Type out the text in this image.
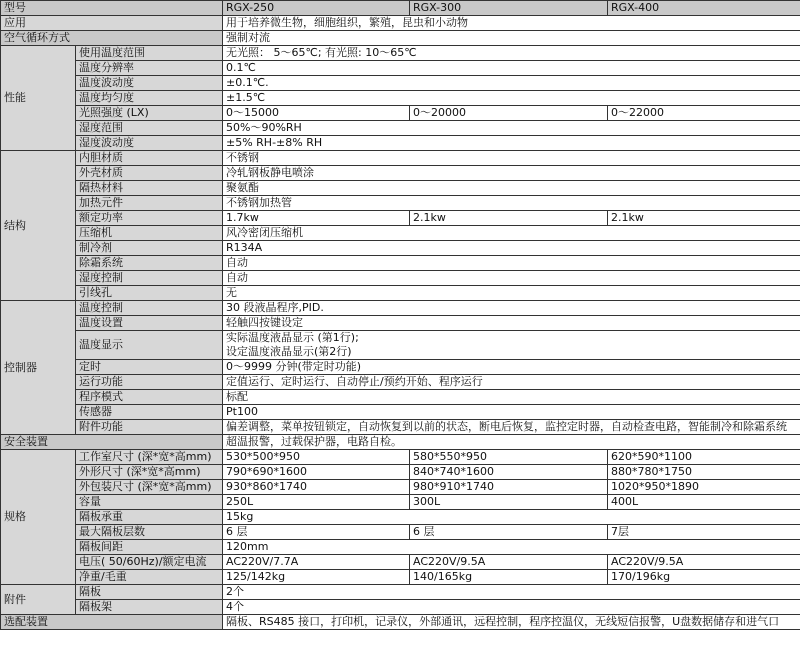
型号		RGX-250	RGX-300	RGX-400
应用		用于培养微生物，细胞组织，繁殖，昆虫和小动物		
空气循环方式		强制对流		
性能	使用温度范围	无光照： 5～65℃; 有光照: 10～65℃		
	温度分辨率	0.1℃		
	温度波动度	±0.1℃.		
	温度均匀度	±1.5℃		
	光照强度 (LX)	0～15000	0～20000	0～22000
	湿度范围	50%～90%RH		
	湿度波动度	±5% RH-±8% RH		
结构	内胆材质	不锈钢		
	外壳材质	冷轧钢板静电喷涂		
	隔热材料	聚氨酯		
	加热元件	不锈钢加热管		
	额定功率	1.7kw	2.1kw	2.1kw
	压缩机	风冷密闭压缩机		
	制冷剂	R134A		
	除霜系统	自动		
	湿度控制	自动		
	引线孔	无		
控制器	温度控制	30 段液晶程序,PID.		
	温度设置	轻触四按键设定		
	温度显示	实际温度液晶显示 (第1行);
设定温度液晶显示(第2行)		
	定时	0～9999 分钟(带定时功能)		
	运行功能	定值运行、定时运行、自动停止/预约开始、程序运行		
	程序模式	标配		
	传感器	Pt100		
	附件功能	偏差调整，菜单按钮锁定，自动恢复到以前的状态，断电后恢复，监控定时器，自动检查电路，智能制冷和除霜系统		
安全装置		超温报警，过载保护器，电路自检。		
规格	工作室尺寸 (深*宽*高mm)	530*500*950	580*550*950	620*590*1100
	外形尺寸 (深*宽*高mm)	790*690*1600	840*740*1600	880*780*1750
	外包装尺寸 (深*宽*高mm)	930*860*1740	980*910*1740	1020*950*1890
	容量	250L	300L	400L
	隔板承重	15kg		
	最大隔板层数	6 层	6 层	7层
	隔板间距	120mm		
	电压( 50/60Hz)/额定电流	AC220V/7.7A	AC220V/9.5A	AC220V/9.5A
	净重/毛重	125/142kg	140/165kg	170/196kg
附件	隔板	2个		
	隔板架	4个		
选配装置		隔板、RS485 接口，打印机，记录仪，外部通讯，远程控制，程序控温仪，无线短信报警，U盘数据储存和进气口		
